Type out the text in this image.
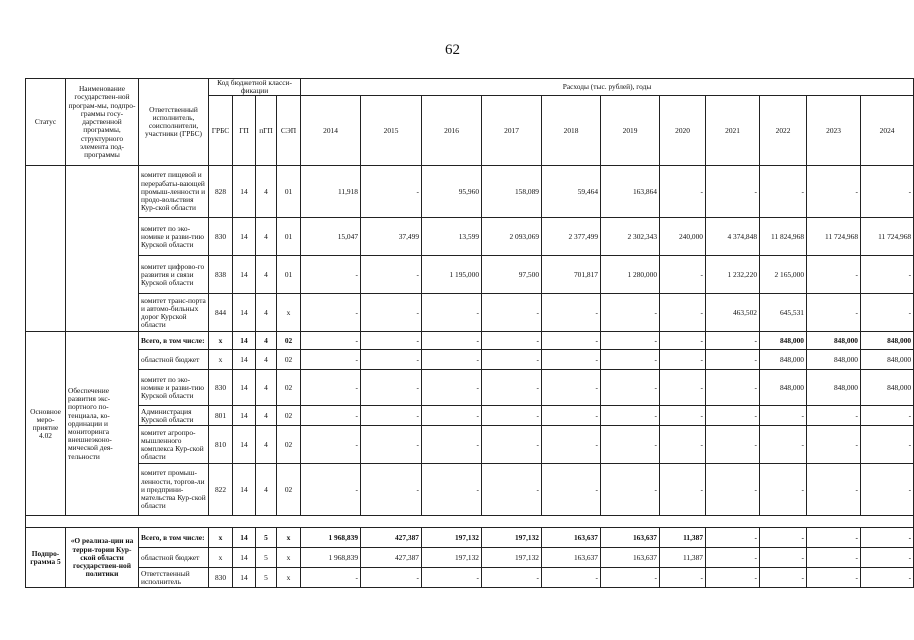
62
Статус	Наименование государствен-ной програм-мы, подпро-граммы госу-дарственной программы, структурного элемента под-программы	Ответственный исполнитель, соисполнители, участники (ГРБС)	Код бюджетной класси-фикации				Расходы (тыс. рублей), годы										
			ГРБС	ГП	пГП	СЭП	2014	2015	2016	2017	2018	2019	2020	2021	2022	2023	2024

		комитет пищевой и перерабаты-вающей промыш-ленности и продо-вольствия Кур-ской области	828	14	4	01	11,918	-	95,960	158,089	59,464	163,864	-	-	-	-	-
		комитет по эко-номике и разви-тию Курской области	830	14	4	01	15,047	37,499	13,599	2 093,069	2 377,499	2 302,343	240,000	4 374,848	11 824,968	11 724,968	11 724,968
		комитет цифрово-го развития и связи Курской области	838	14	4	01	-	-	1 195,000	97,500	701,817	1 280,000	-	1 232,220	2 165,000	-	-
		комитет транс-порта и автомо-бильных дорог Курской области	844	14	4	х	-	-	-	-	-	-	-	463,502	645,531	-	-
Основное меро-приятие 4.02	Обеспечение развития экс-портного по-тенциала, ко-ординации и мониторинга внешнеэконо-мической дея-тельности	Всего, в том числе:	х	14	4	02	-	-	-	-	-	-	-	-	848,000	848,000	848,000
		областной бюджет	х	14	4	02	-	-	-	-	-	-	-	-	848,000	848,000	848,000
		комитет по эко-номике и разви-тию Курской области	830	14	4	02	-	-	-	-	-	-	-	-	848,000	848,000	848,000
		Администрация Курской области	801	14	4	02	-	-	-	-	-	-	-	-	-	-	-
		комитет агропро-мышленного комплекса Кур-ской области	810	14	4	02	-	-	-	-	-	-	-	-	-	-	-
		комитет промыш-ленности, торгов-ли и предприни-мательства Кур-ской области	822	14	4	02	-	-	-	-	-	-	-	-	-	-	-

Подпро-грамма 5	«О реализа-ции на терри-тории Кур-ской области государствен-ной политики	Всего, в том числе:	х	14	5	х	1 968,839	427,387	197,132	197,132	163,637	163,637	11,387	-	-	-	-
		областной бюджет	х	14	5	х	1 968,839	427,387	197,132	197,132	163,637	163,637	11,387	-	-	-	-
		Ответственный исполнитель	830	14	5	х	-	-	-	-	-	-	-	-	-	-	-
